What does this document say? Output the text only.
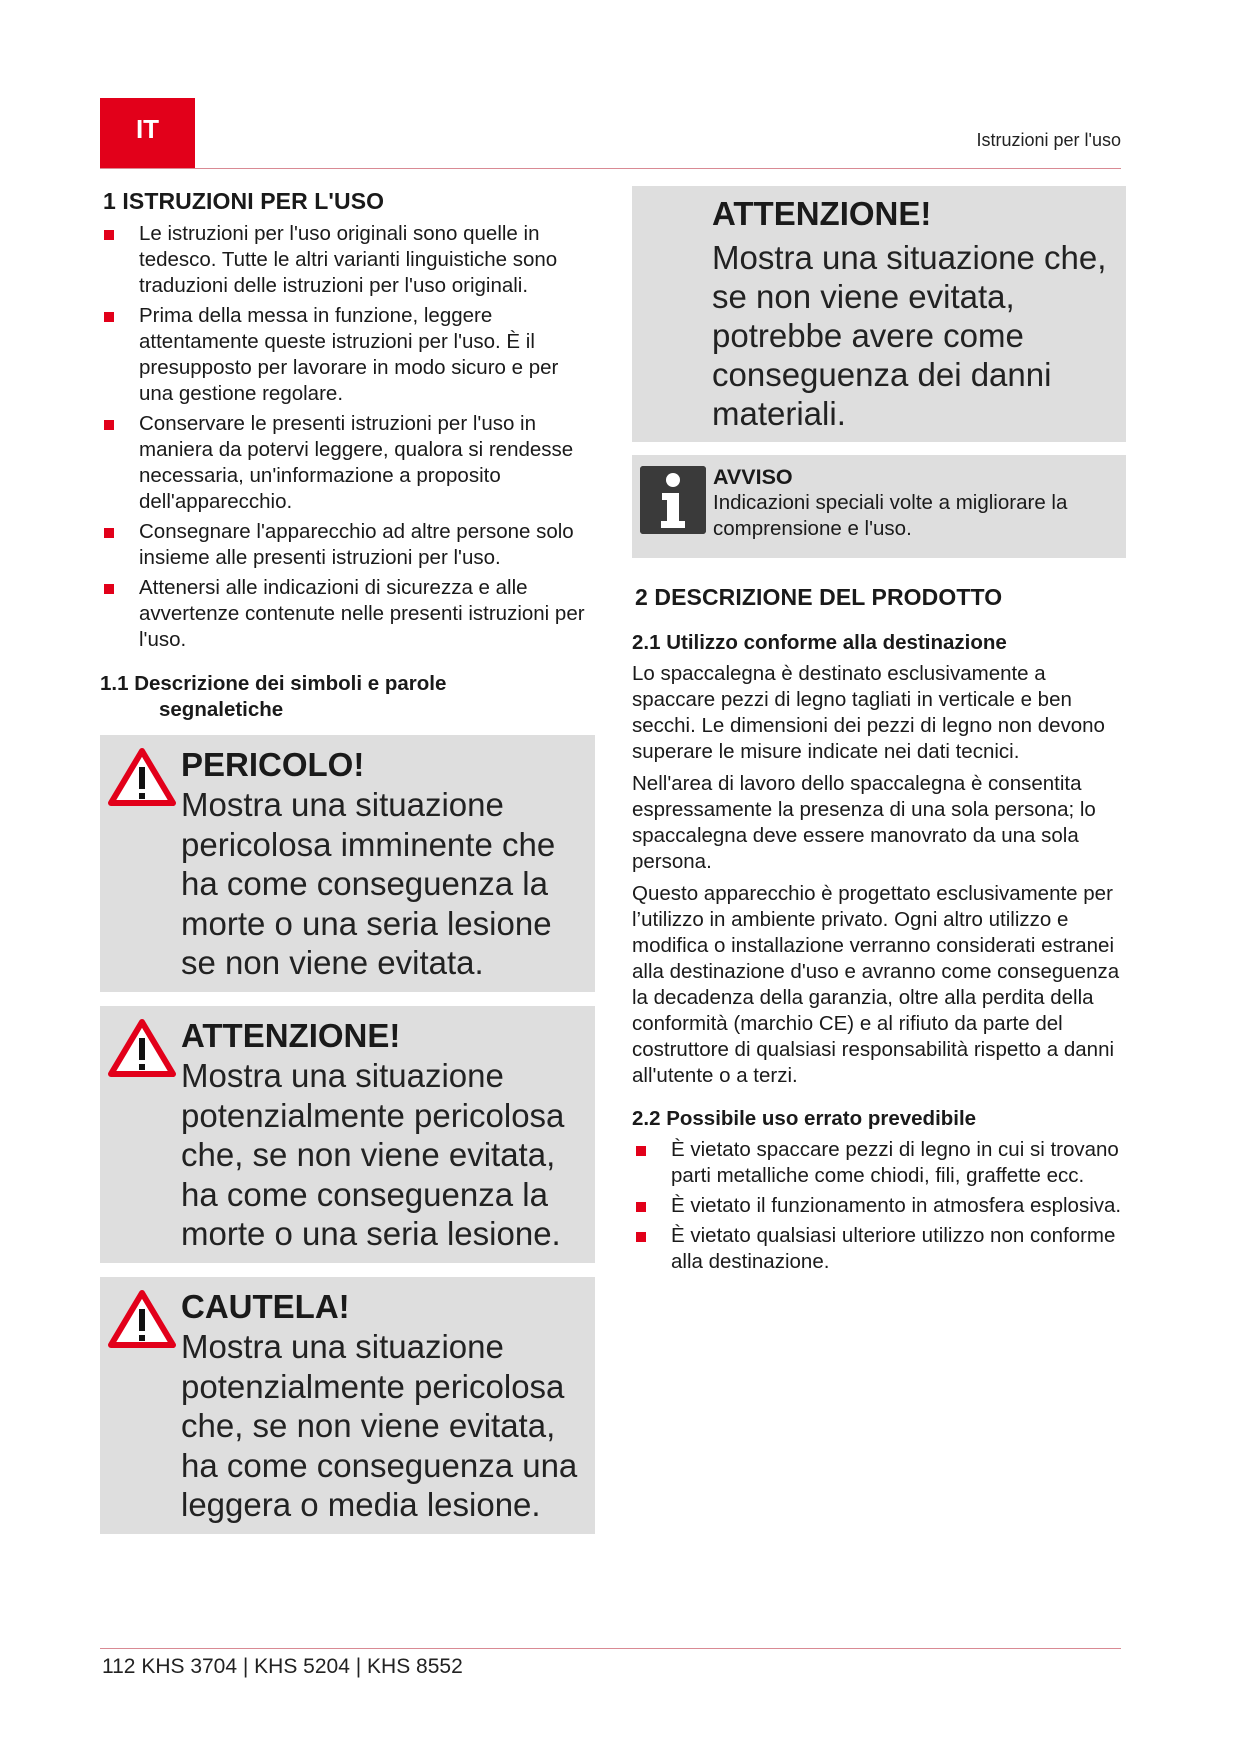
IT	Istruzioni per l'uso
1 ISTRUZIONI PER L'USO
Le istruzioni per l'uso originali sono quelle in tedesco. Tutte le altri varianti linguistiche sono traduzioni delle istruzioni per l'uso originali.
Prima della messa in funzione, leggere attentamente queste istruzioni per l'uso. È il presupposto per lavorare in modo sicuro e per una gestione regolare.
Conservare le presenti istruzioni per l'uso in maniera da potervi leggere, qualora si rendesse necessaria, un'informazione a proposito dell'apparecchio.
Consegnare l'apparecchio ad altre persone solo insieme alle presenti istruzioni per l'uso.
Attenersi alle indicazioni di sicurezza e alle avvertenze contenute nelle presenti istruzioni per l'uso.
1.1 Descrizione dei simboli e parole
segnaletiche
PERICOLO!
Mostra una situazione pericolosa imminente che ha come conseguenza la morte o una seria lesione se non viene evitata.
ATTENZIONE!
Mostra una situazione potenzialmente pericolosa che, se non viene evitata, ha come conseguenza la morte o una seria lesione.
CAUTELA!
Mostra una situazione potenzialmente pericolosa che, se non viene evitata, ha come conseguenza una leggera o media lesione.
ATTENZIONE!
Mostra una situazione che, se non viene evitata, potrebbe avere come conseguenza dei danni materiali.
AVVISO
Indicazioni speciali volte a migliorare la comprensione e l'uso.
2 DESCRIZIONE DEL PRODOTTO
2.1 Utilizzo conforme alla destinazione

Lo spaccalegna è destinato esclusivamente a spaccare pezzi di legno tagliati in verticale e ben secchi. Le dimensioni dei pezzi di legno non devono superare le misure indicate nei dati tecnici.

Nell'area di lavoro dello spaccalegna è consentita espressamente la presenza di una sola persona; lo spaccalegna deve essere manovrato da una sola persona.

Questo apparecchio è progettato esclusivamente per l’utilizzo in ambiente privato. Ogni altro utilizzo e modifica o installazione verranno considerati estranei alla destinazione d'uso e avranno come conseguenza la decadenza della garanzia, oltre alla perdita della conformità (marchio CE) e al rifiuto da parte del costruttore di qualsiasi responsabilità rispetto a danni all'utente o a terzi.

2.2 Possibile uso errato prevedibile
È vietato spaccare pezzi di legno in cui si trovano parti metalliche come chiodi, fili, graffette ecc.
È vietato il funzionamento in atmosfera esplosiva.
È vietato qualsiasi ulteriore utilizzo non conforme alla destinazione.
112 KHS 3704 | KHS 5204 | KHS 8552
